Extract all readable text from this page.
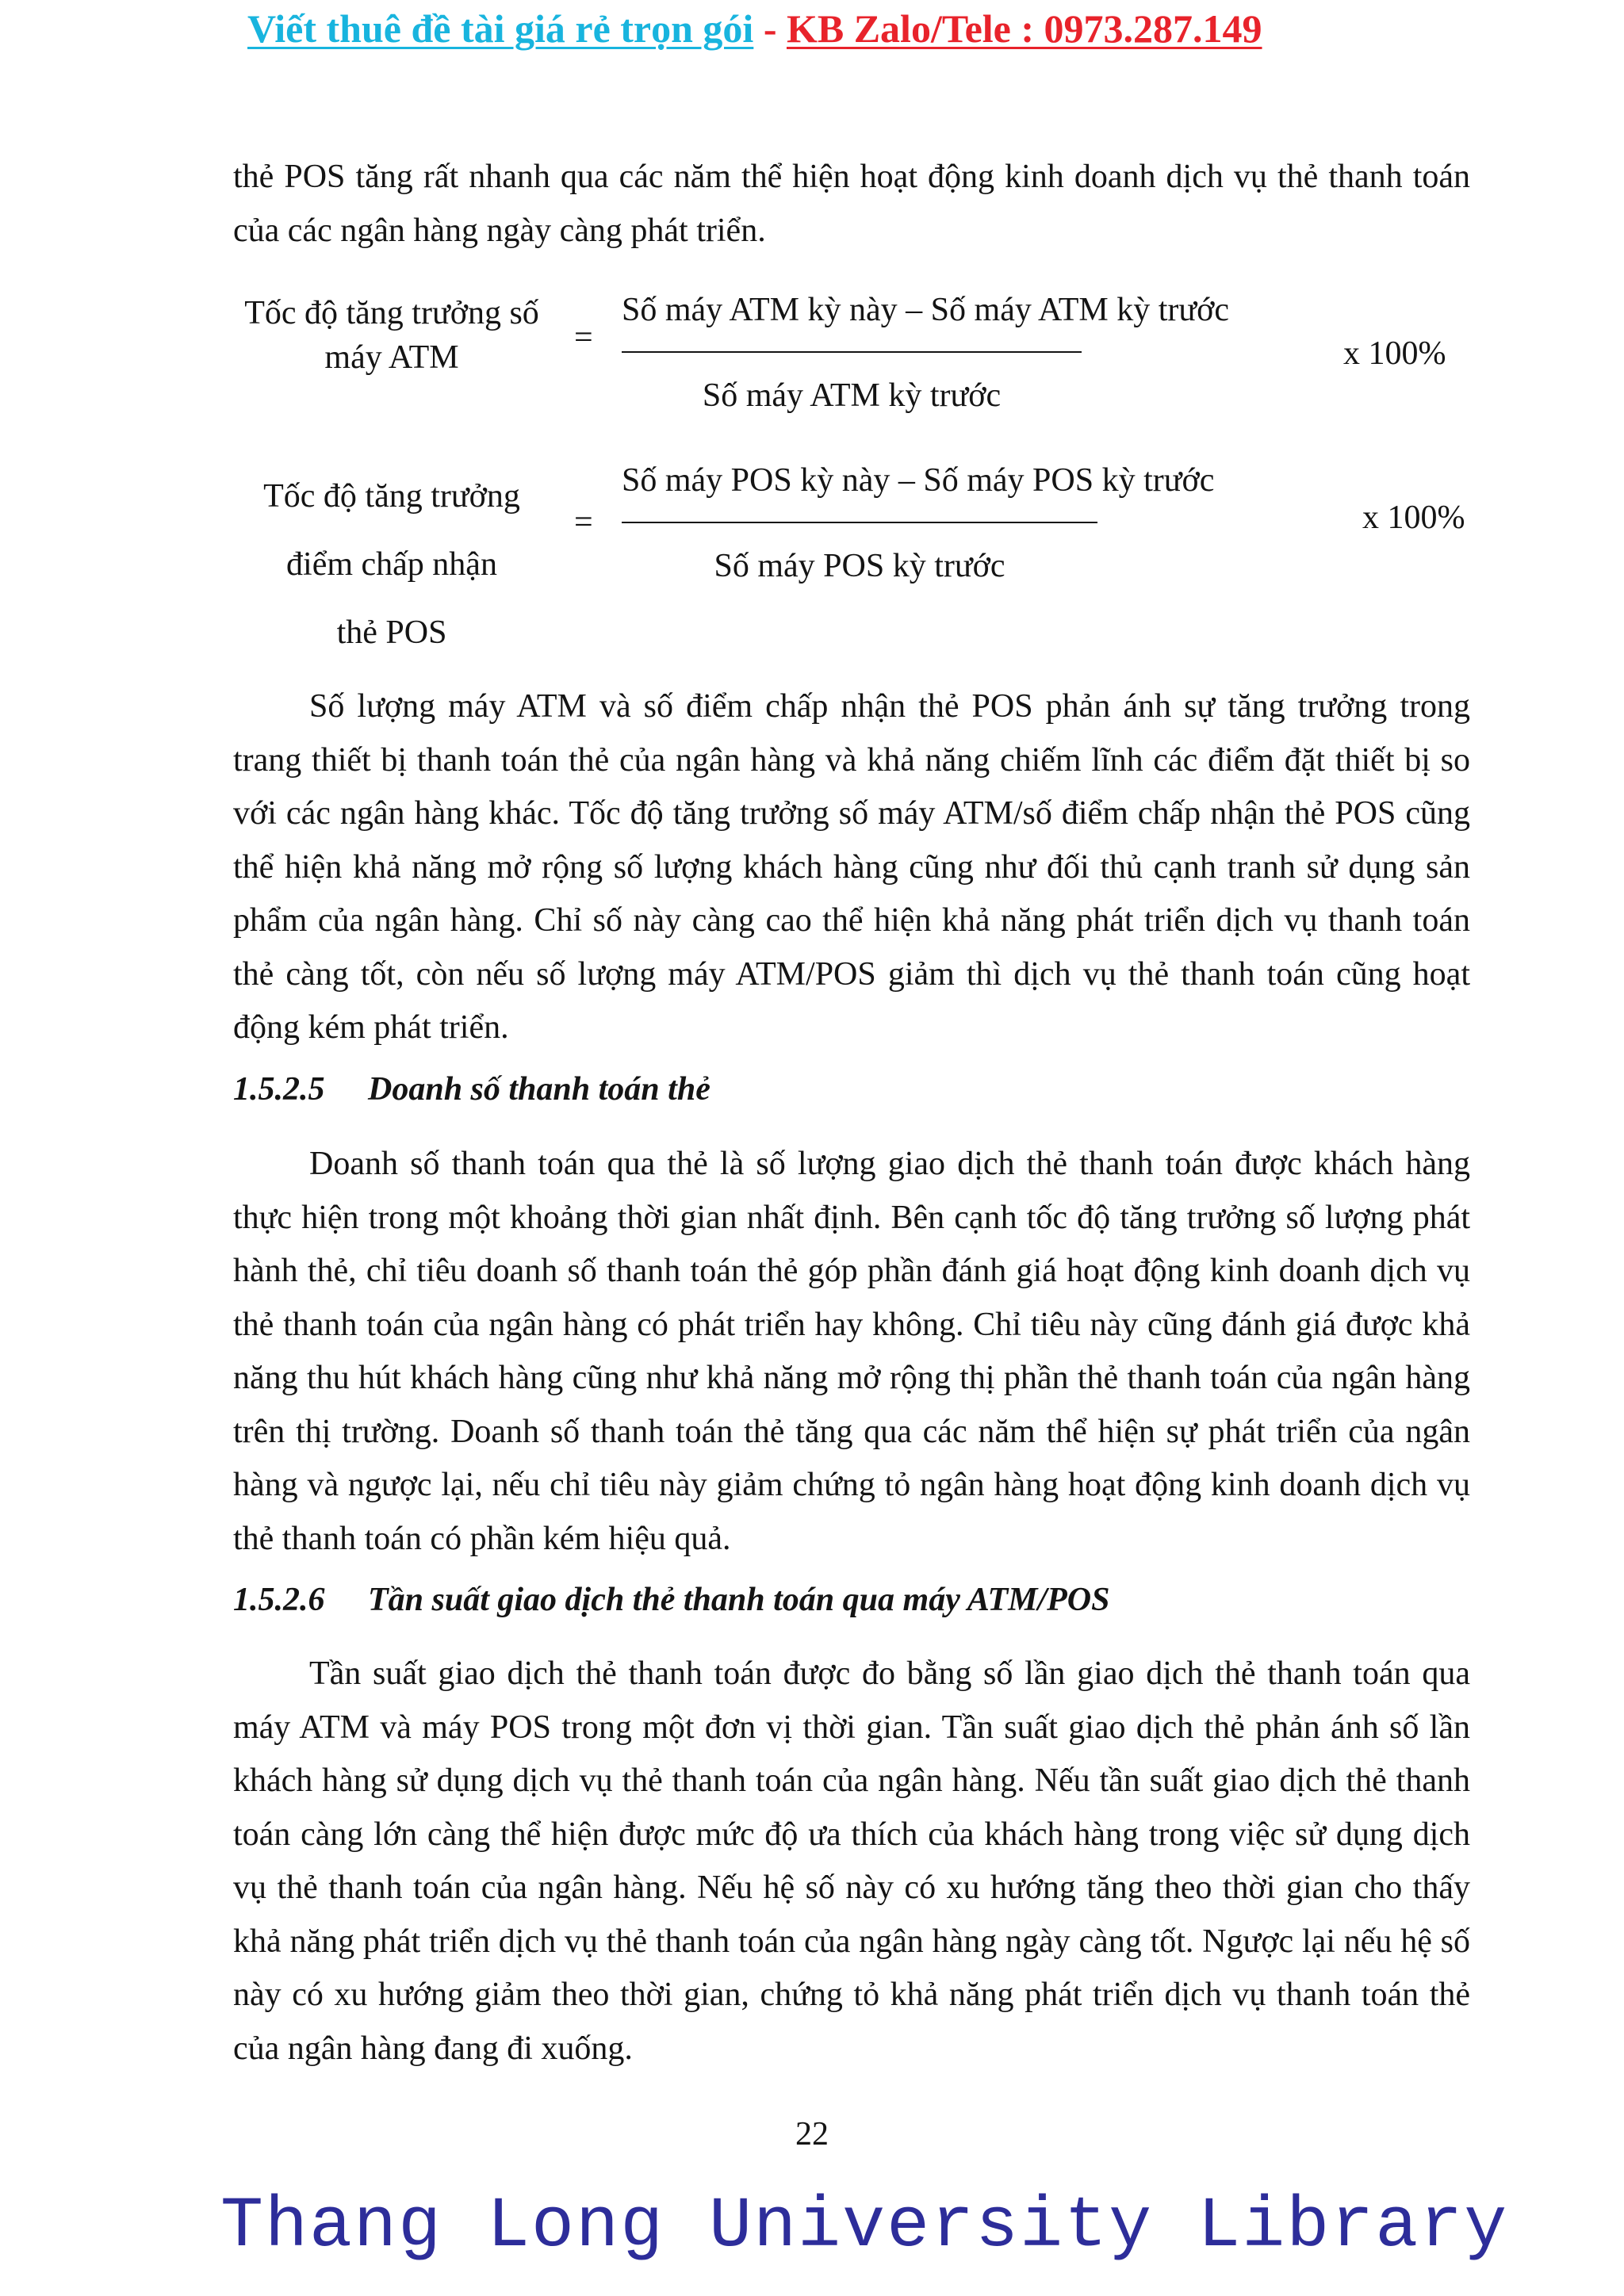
Viết thuê đề tài giá rẻ trọn gói - KB Zalo/Tele : 0973.287.149

thẻ POS tăng rất nhanh qua các năm thể hiện hoạt động kinh doanh dịch vụ thẻ thanh toán của các ngân hàng ngày càng phát triển.

Tốc độ tăng trưởng số
máy ATM
=
Số máy ATM kỳ này – Số máy ATM kỳ trước
Số máy ATM kỳ trước
x 100%
Tốc độ tăng trưởng
điểm chấp nhận
thẻ POS
=
Số máy POS kỳ này – Số máy POS kỳ trước
Số máy POS kỳ trước
x 100%

Số lượng máy ATM và số điểm chấp nhận thẻ POS phản ánh sự tăng trưởng trong trang thiết bị thanh toán thẻ của ngân hàng và khả năng chiếm lĩnh các điểm đặt thiết bị so với các ngân hàng khác. Tốc độ tăng trưởng số máy ATM/số điểm chấp nhận thẻ POS cũng thể hiện khả năng mở rộng số lượng khách hàng cũng như đối thủ cạnh tranh sử dụng sản phẩm của ngân hàng. Chỉ số này càng cao thể hiện khả năng phát triển dịch vụ thanh toán thẻ càng tốt, còn nếu số lượng máy ATM/POS giảm thì dịch vụ thẻ thanh toán cũng hoạt động kém phát triển.

1.5.2.5 Doanh số thanh toán thẻ

Doanh số thanh toán qua thẻ là số lượng giao dịch thẻ thanh toán được khách hàng thực hiện trong một khoảng thời gian nhất định. Bên cạnh tốc độ tăng trưởng số lượng phát hành thẻ, chỉ tiêu doanh số thanh toán thẻ góp phần đánh giá hoạt động kinh doanh dịch vụ thẻ thanh toán của ngân hàng có phát triển hay không. Chỉ tiêu này cũng đánh giá được khả năng thu hút khách hàng cũng như khả năng mở rộng thị phần thẻ thanh toán của ngân hàng trên thị trường. Doanh số thanh toán thẻ tăng qua các năm thể hiện sự phát triển của ngân hàng và ngược lại, nếu chỉ tiêu này giảm chứng tỏ ngân hàng hoạt động kinh doanh dịch vụ thẻ thanh toán có phần kém hiệu quả.

1.5.2.6 Tần suất giao dịch thẻ thanh toán qua máy ATM/POS

Tần suất giao dịch thẻ thanh toán được đo bằng số lần giao dịch thẻ thanh toán qua máy ATM và máy POS trong một đơn vị thời gian. Tần suất giao dịch thẻ phản ánh số lần khách hàng sử dụng dịch vụ thẻ thanh toán của ngân hàng. Nếu tần suất giao dịch thẻ thanh toán càng lớn càng thể hiện được mức độ ưa thích của khách hàng trong việc sử dụng dịch vụ thẻ thanh toán của ngân hàng. Nếu hệ số này có xu hướng tăng theo thời gian cho thấy khả năng phát triển dịch vụ thẻ thanh toán của ngân hàng ngày càng tốt. Ngược lại nếu hệ số này có xu hướng giảm theo thời gian, chứng tỏ khả năng phát triển dịch vụ thanh toán thẻ của ngân hàng đang đi xuống.

22
Thang Long University Library
